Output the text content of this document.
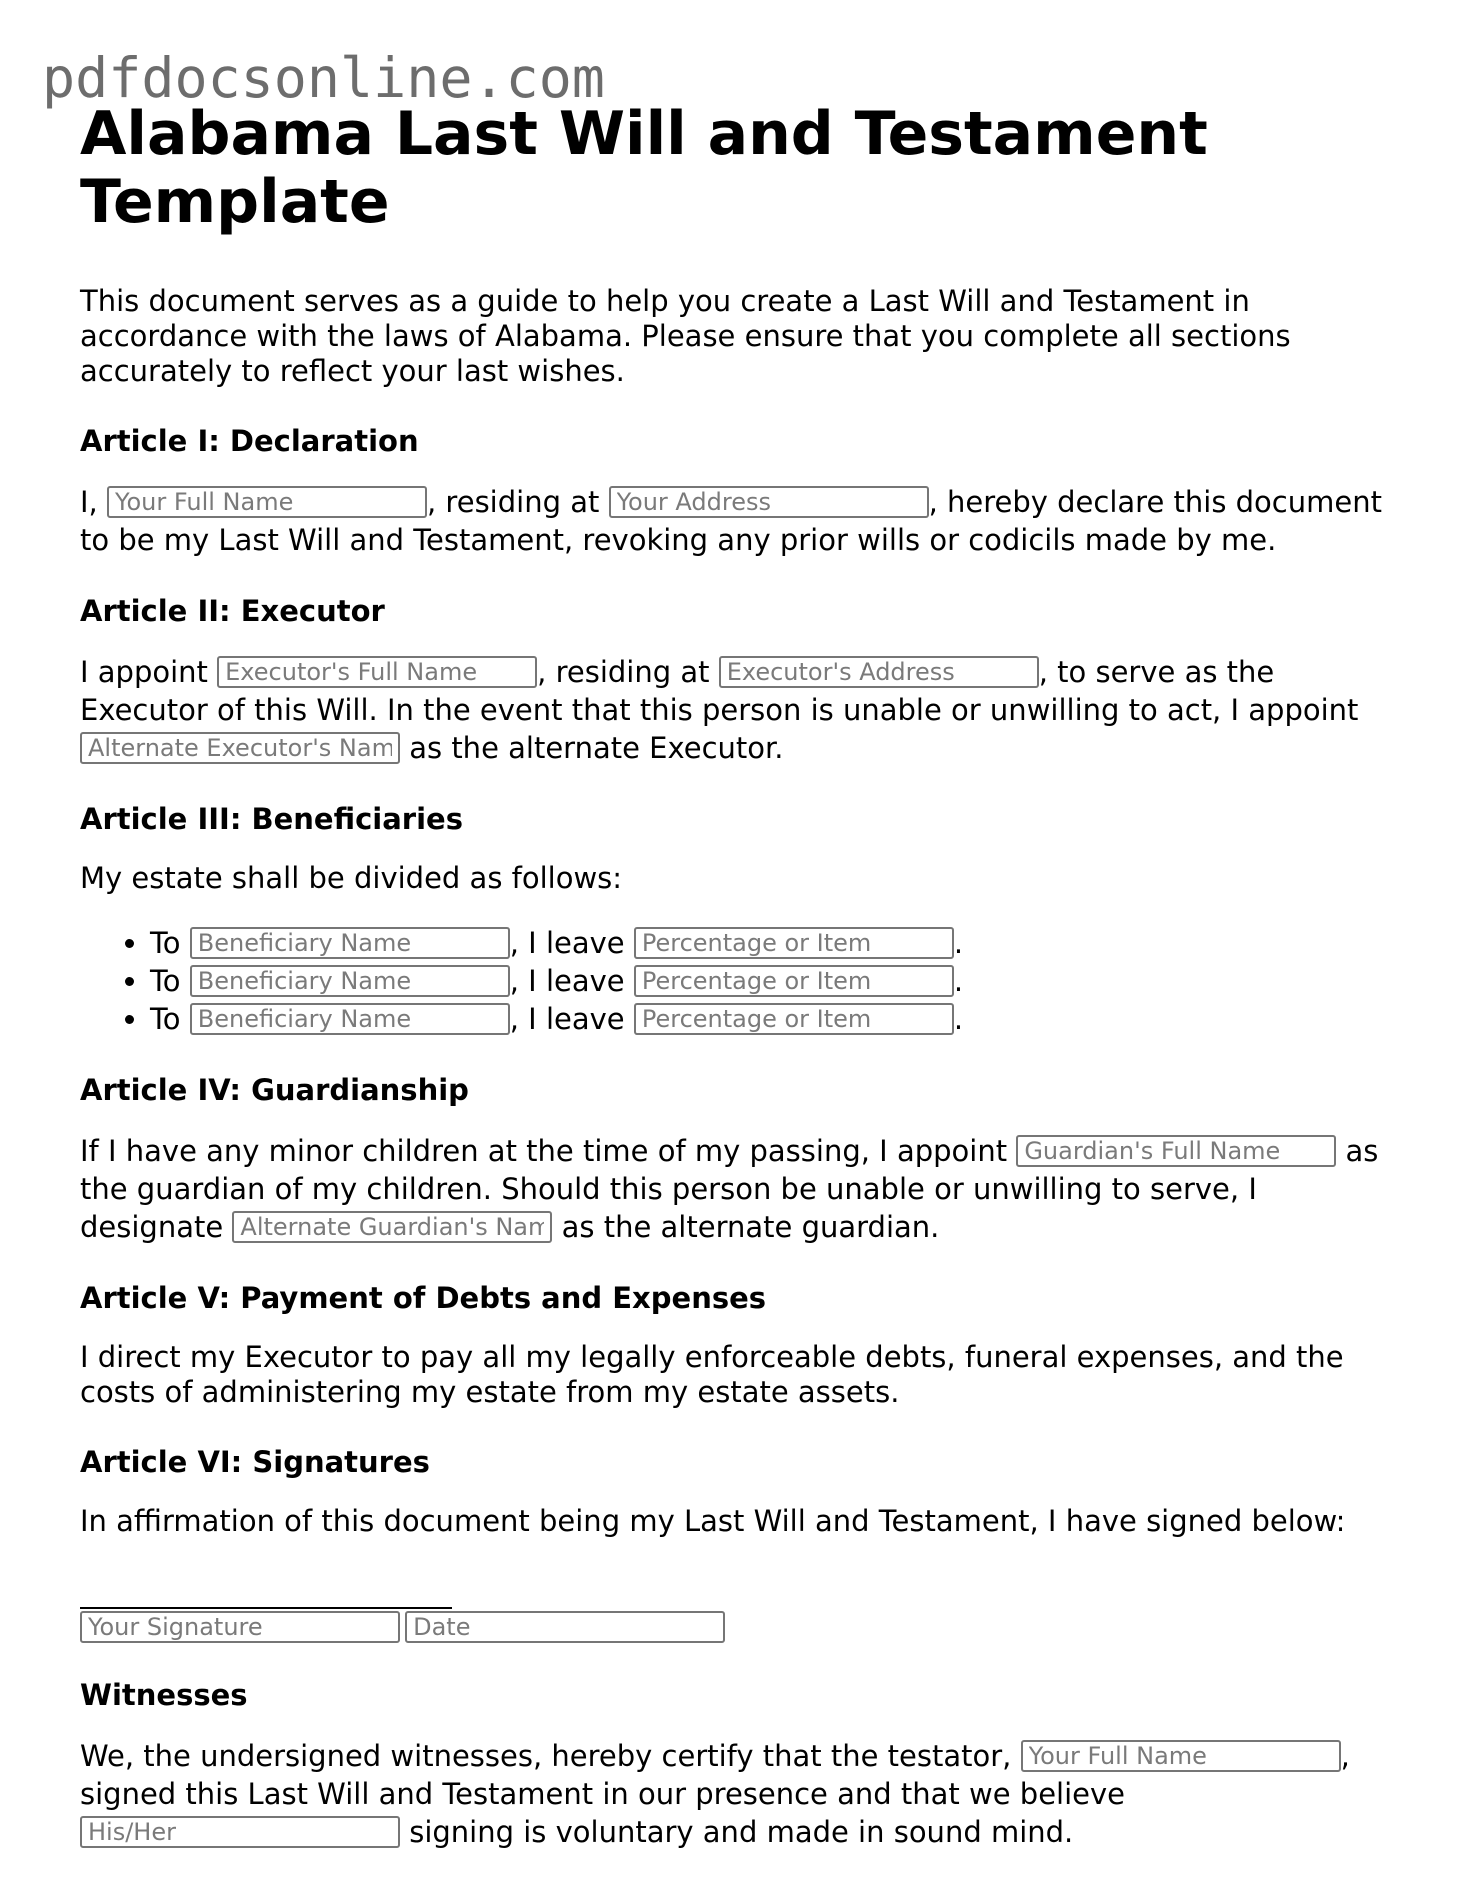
pdfdocsonline.com
Alabama Last Will and Testament Template

This document serves as a guide to help you create a Last Will and Testament in accordance with the laws of Alabama. Please ensure that you complete all sections accurately to reflect your last wishes.

Article I: Declaration

I, Your Full Name	, residing at Your Address	, hereby declare this document to be my Last Will and Testament, revoking any prior wills or codicils made by me.

Article II: Executor

I appoint Executor's Full Name	, residing at Executor's Address	, to serve as the Executor of this Will. In the event that this person is unable or unwilling to act, I appoint Alternate Executor's Name as the alternate Executor.

Article III: Beneficiaries

My estate shall be divided as follows:

• To Beneficiary Name	, I leave Percentage or Item	.
• To Beneficiary Name	, I leave Percentage or Item	.
• To Beneficiary Name	, I leave Percentage or Item	.
Article IV: Guardianship

If I have any minor children at the time of my passing, I appoint Guardian's Full Name	as the guardian of my children. Should this person be unable or unwilling to serve, I designate Alternate Guardian's Name	as the alternate guardian.

Article V: Payment of Debts and Expenses

I direct my Executor to pay all my legally enforceable debts, funeral expenses, and the costs of administering my estate from my estate assets.

Article VI: Signatures

In affirmation of this document being my Last Will and Testament, I have signed below:

Your Signature Date
Witnesses

We, the undersigned witnesses, hereby certify that the testator, Your Full Name	, signed this Last Will and Testament in our presence and that we believe His/Her signing is voluntary and made in sound mind.
